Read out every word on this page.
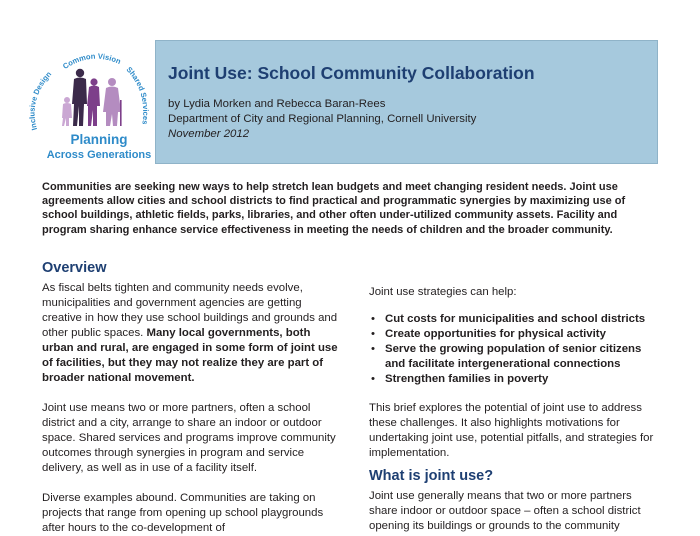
Common Vision
Inclusive Design	Shared Services
Planning
Across Generations
Joint Use: School Community Collaboration
by Lydia Morken and Rebecca Baran-Rees
Department of City and Regional Planning, Cornell University
November 2012

Communities are seeking new ways to help stretch lean budgets and meet changing resident needs. Joint use agreements allow cities and school districts to find practical and programmatic synergies by maximizing use of school buildings, athletic fields, parks, libraries, and other often under-utilized community assets. Facility and program sharing enhance service effectiveness in meeting the needs of children and the broader community.

Overview

As fiscal belts tighten and community needs evolve, municipalities and government agencies are getting creative in how they use school buildings and grounds and other public spaces. Many local governments, both urban and rural, are engaged in some form of joint use of facilities, but they may not realize they are part of broader national movement.

Joint use means two or more partners, often a school district and a city, arrange to share an indoor or outdoor space. Shared services and programs improve community outcomes through synergies in program and service delivery, as well as in use of a facility itself.

Diverse examples abound. Communities are taking on projects that range from opening up school playgrounds after hours to the co-development of

Joint use strategies can help:

• Cut costs for municipalities and school districts
• Create opportunities for physical activity
• Serve the growing population of senior citizens and facilitate intergenerational connections
• Strengthen families in poverty

This brief explores the potential of joint use to address these challenges. It also highlights motivations for undertaking joint use, potential pitfalls, and strategies for implementation.

What is joint use?

Joint use generally means that two or more partners share indoor or outdoor space – often a school district opening its buildings or grounds to the community
